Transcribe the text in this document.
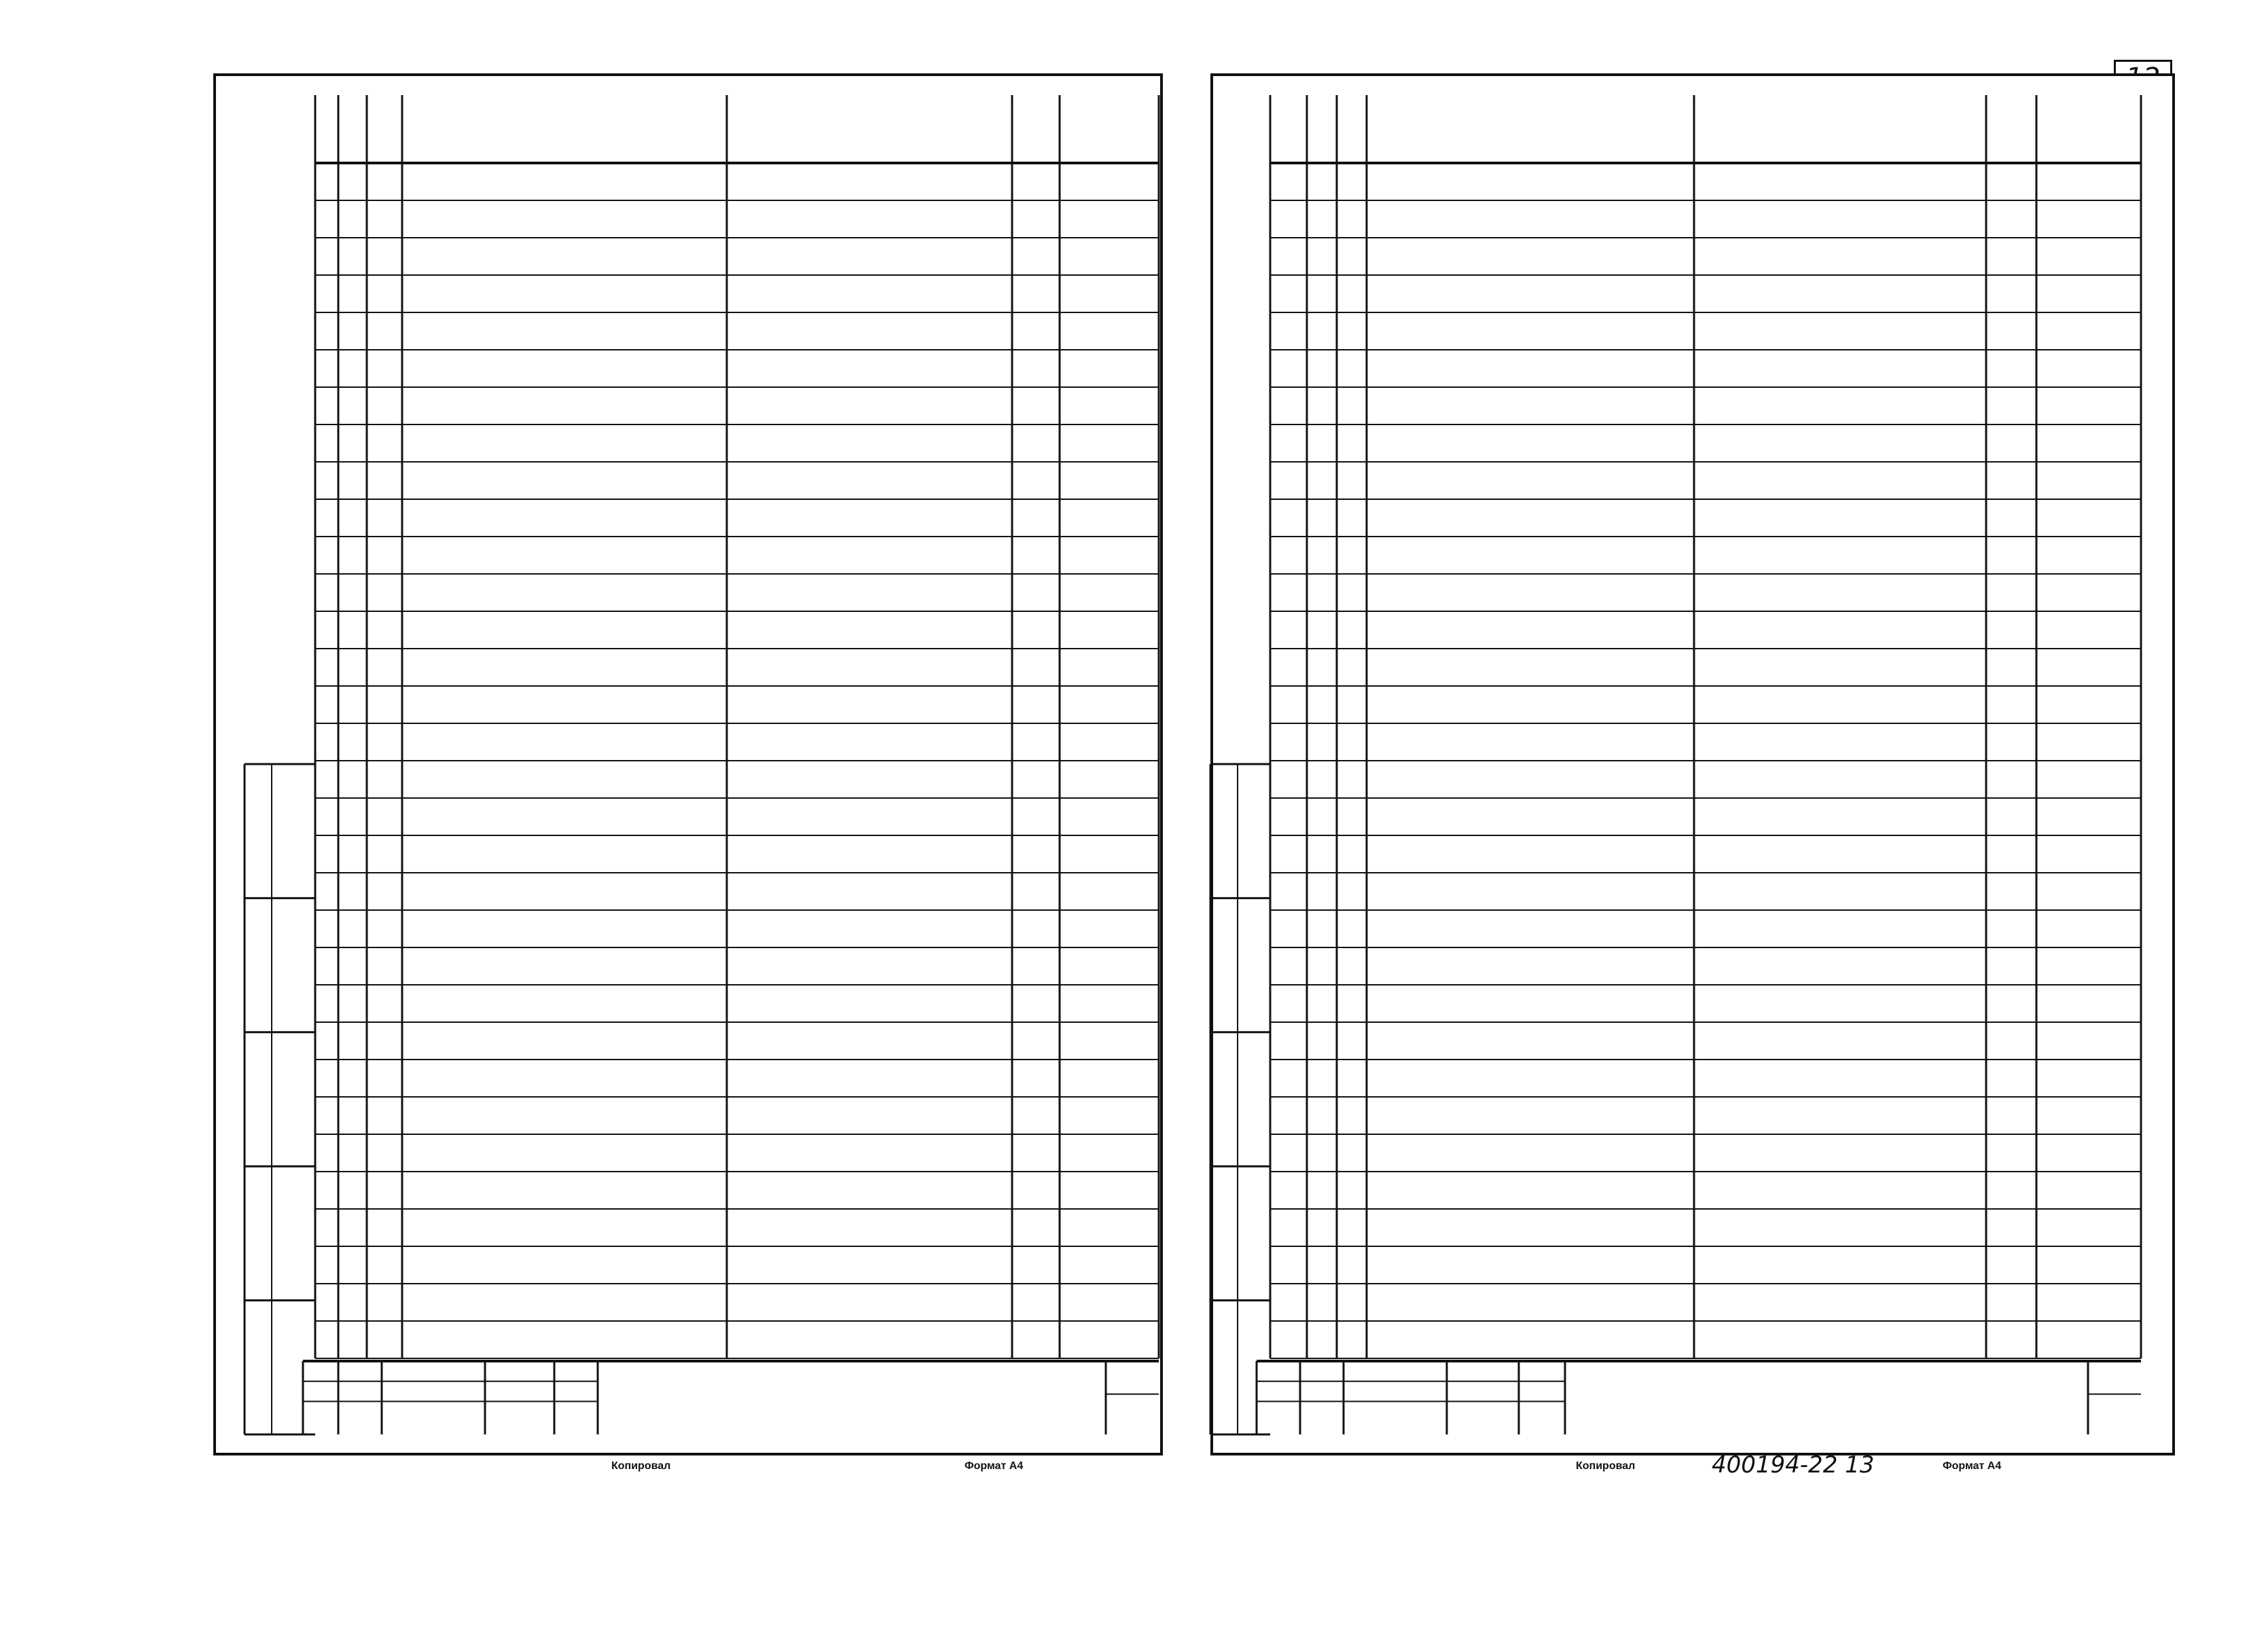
Копировал	Формат А4	Копировал	400194-22 13	Формат А4
